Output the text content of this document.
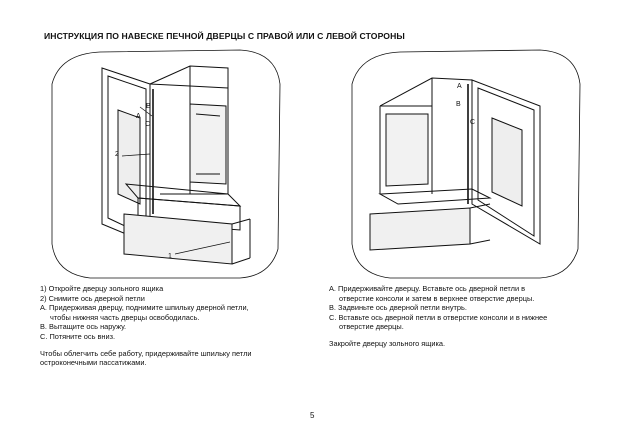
ИНСТРУКЦИЯ ПО НАВЕСКЕ ПЕЧНОЙ ДВЕРЦЫ С ПРАВОЙ ИЛИ С ЛЕВОЙ СТОРОНЫ
B
A
C
2
1
A
B
C

1) Откройте дверцу зольного ящика

2) Снимите ось дверной петли

A. Придерживая дверцу, поднимите шпильку дверной петли,

чтобы нижняя часть дверцы освободилась.

B. Вытащите ось наружу.

C. Потяните ось вниз.

Чтобы облегчить себе работу, придерживайте шпильку петли

остроконечными пассатижами.

A. Придерживайте дверцу. Вставьте ось дверной петли в

отверстие консоли и затем в верхнее отверстие дверцы.

B. Задвиньте ось дверной петли внутрь.

C. Вставьте ось дверной петли в отверстие консоли и в нижнее

отверстие дверцы.

Закройте дверцу зольного ящика.

5
